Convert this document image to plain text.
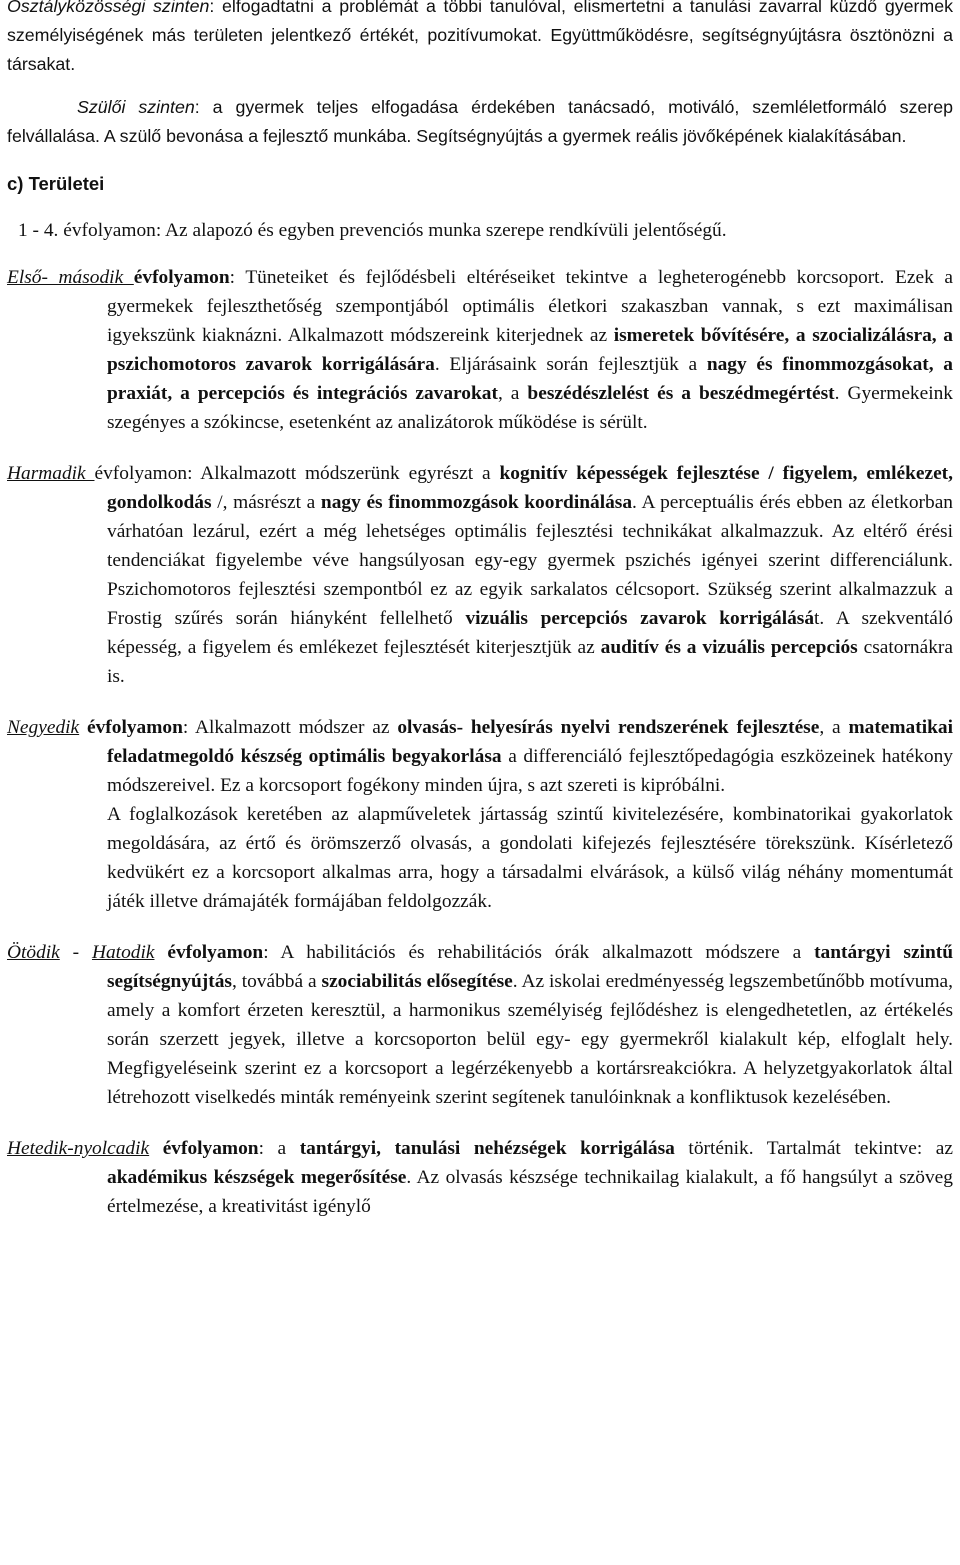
Osztályközösségi szinten: elfogadtatni a problémát a többi tanulóval, elismertetni a tanulási zavarral küzdő gyermek személyiségének más területen jelentkező értékét, pozitívumokat. Együttműködésre, segítségnyújtásra ösztönözni a társakat.

Szülői szinten: a gyermek teljes elfogadása érdekében tanácsadó, motiváló, szemléletformáló szerep felvállalása. A szülő bevonása a fejlesztő munkába. Segítségnyújtás a gyermek reális jövőképének kialakításában.

c) Területei

1 - 4. évfolyamon: Az alapozó és egyben prevenciós munka szerepe rendkívüli jelentőségű.

Első- második évfolyamon: Tüneteiket és fejlődésbeli eltéréseiket tekintve a legheterogénebb korcsoport. Ezek a gyermekek fejleszthetőség szempontjából optimális életkori szakaszban vannak, s ezt maximálisan igyekszünk kiaknázni. Alkalmazott módszereink kiterjednek az ismeretek bővítésére, a szocializálásra, a pszichomotoros zavarok korrigálására. Eljárásaink során fejlesztjük a nagy és finommozgásokat, a praxiát, a percepciós és integrációs zavarokat, a beszédészlelést és a beszédmegértést. Gyermekeink szegényes a szókincse, esetenként az analizátorok működése is sérült.

Harmadik évfolyamon: Alkalmazott módszerünk egyrészt a kognitív képességek fejlesztése / figyelem, emlékezet, gondolkodás /, másrészt a nagy és finommozgások koordinálása. A perceptuális érés ebben az életkorban várhatóan lezárul, ezért a még lehetséges optimális fejlesztési technikákat alkalmazzuk. Az eltérő érési tendenciákat figyelembe véve hangsúlyosan egy-egy gyermek pszichés igényei szerint differenciálunk. Pszichomotoros fejlesztési szempontból ez az egyik sarkalatos célcsoport. Szükség szerint alkalmazzuk a Frostig szűrés során hiányként fellelhető vizuális percepciós zavarok korrigálását. A szekventáló képesség, a figyelem és emlékezet fejlesztését kiterjesztjük az auditív és a vizuális percepciós csatornákra is.

Negyedik évfolyamon: Alkalmazott módszer az olvasás- helyesírás nyelvi rendszerének fejlesztése, a matematikai feladatmegoldó készség optimális begyakorlása a differenciáló fejlesztőpedagógia eszközeinek hatékony módszereivel. Ez a korcsoport fogékony minden újra, s azt szereti is kipróbálni.

A foglalkozások keretében az alapműveletek jártasság szintű kivitelezésére, kombinatorikai gyakorlatok megoldására, az értő és örömszerző olvasás, a gondolati kifejezés fejlesztésére törekszünk. Kísérletező kedvükért ez a korcsoport alkalmas arra, hogy a társadalmi elvárások, a külső világ néhány momentumát játék illetve drámajáték formájában feldolgozzák.

Ötödik - Hatodik évfolyamon: A habilitációs és rehabilitációs órák alkalmazott módszere a tantárgyi szintű segítségnyújtás, továbbá a szociabilitás elősegítése. Az iskolai eredményesség legszembetűnőbb motívuma, amely a komfort érzeten keresztül, a harmonikus személyiség fejlődéshez is elengedhetetlen, az értékelés során szerzett jegyek, illetve a korcsoporton belül egy- egy gyermekről kialakult kép, elfoglalt hely. Megfigyeléseink szerint ez a korcsoport a legérzékenyebb a kortársreakciókra. A helyzetgyakorlatok által létrehozott viselkedés minták reményeink szerint segítenek tanulóinknak a konfliktusok kezelésében.

Hetedik-nyolcadik évfolyamon: a tantárgyi, tanulási nehézségek korrigálása történik. Tartalmát tekintve: az akadémikus készségek megerősítése. Az olvasás készsége technikailag kialakult, a fő hangsúlyt a szöveg értelmezése, a kreativitást igénylő
